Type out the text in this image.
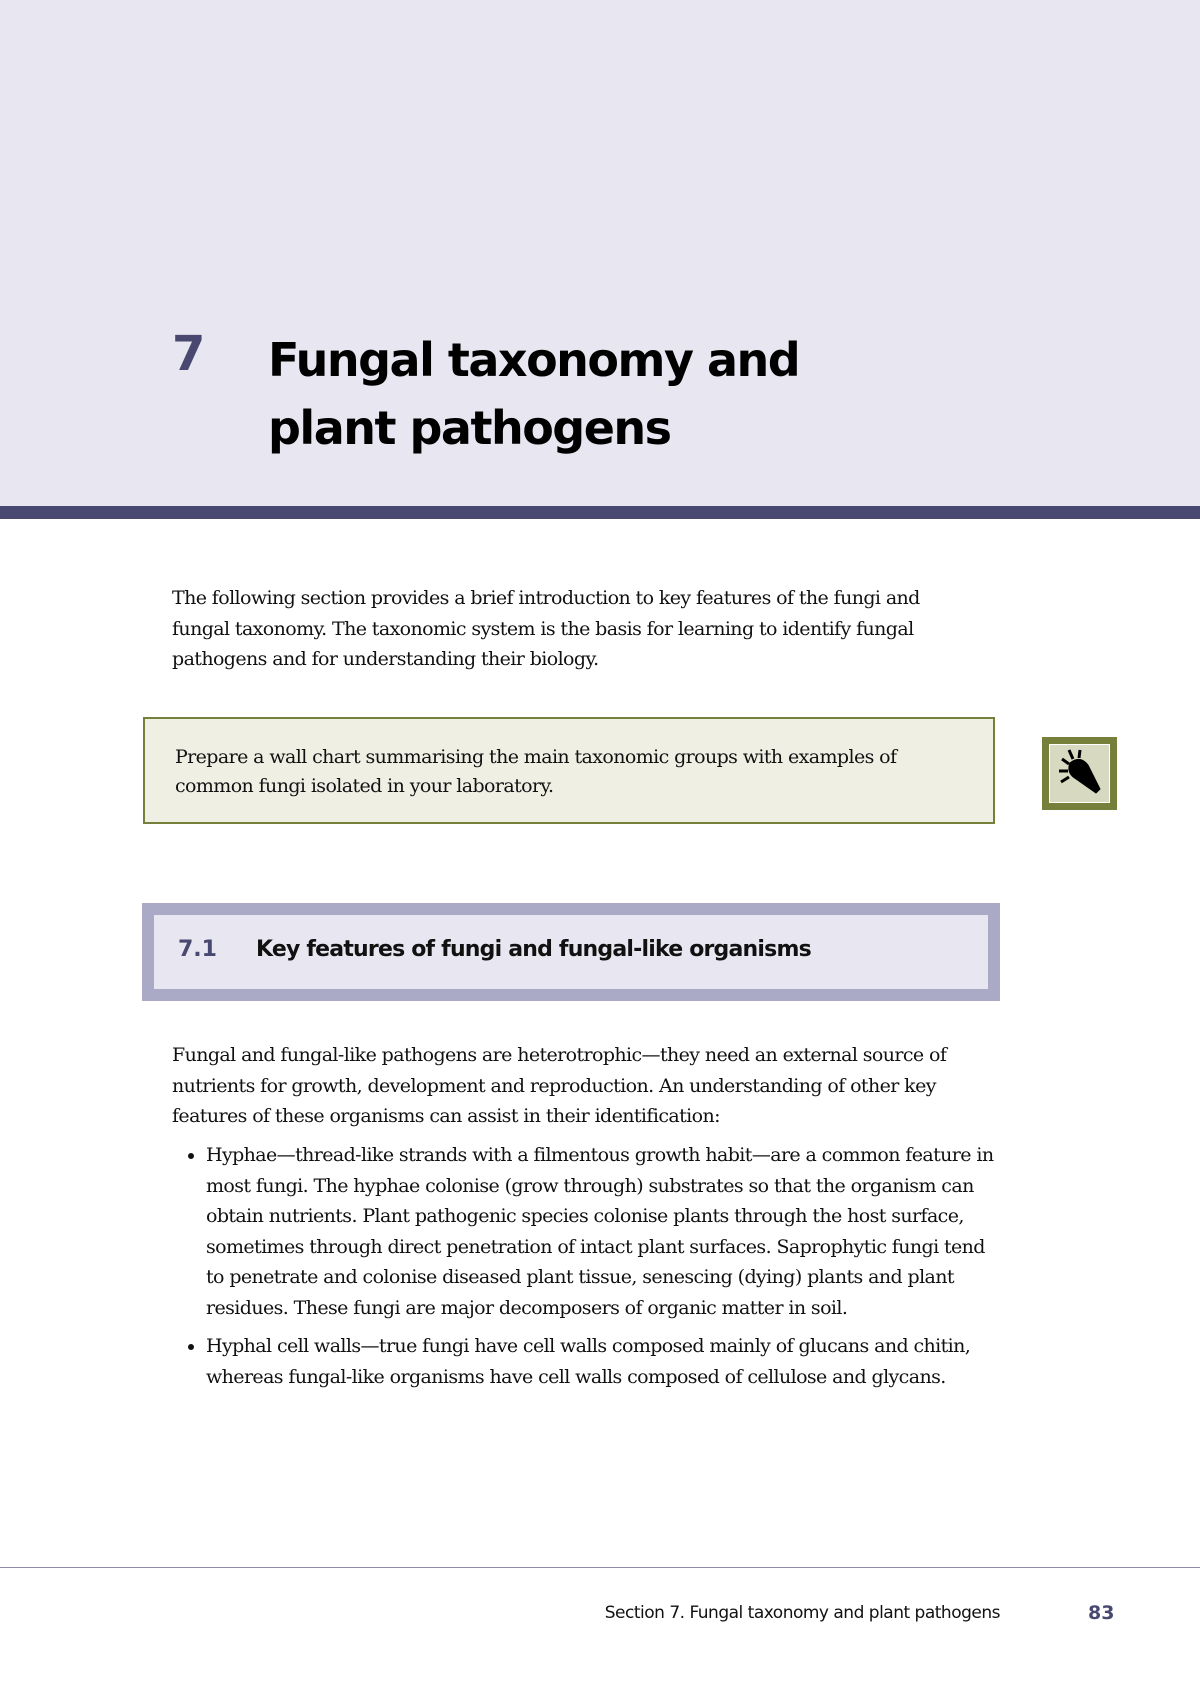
7 Fungal taxonomy and
plant pathogens
The following section provides a brief introduction to key features of the fungi and fungal taxonomy. The taxonomic system is the basis for learning to identify fungal pathogens and for understanding their biology.
Prepare a wall chart summarising the main taxonomic groups with examples of common fungi isolated in your laboratory.
7.1 Key features of fungi and fungal-like organisms
Fungal and fungal-like pathogens are heterotrophic—they need an external source of nutrients for growth, development and reproduction. An understanding of other key features of these organisms can assist in their identification:
• Hyphae—thread-like strands with a filmentous growth habit—are a common feature in most fungi. The hyphae colonise (grow through) substrates so that the organism can obtain nutrients. Plant pathogenic species colonise plants through the host surface, sometimes through direct penetration of intact plant surfaces. Saprophytic fungi tend to penetrate and colonise diseased plant tissue, senescing (dying) plants and plant residues. These fungi are major decomposers of organic matter in soil.
• Hyphal cell walls—true fungi have cell walls composed mainly of glucans and chitin, whereas fungal-like organisms have cell walls composed of cellulose and glycans.
Section 7. Fungal taxonomy and plant pathogens	83
